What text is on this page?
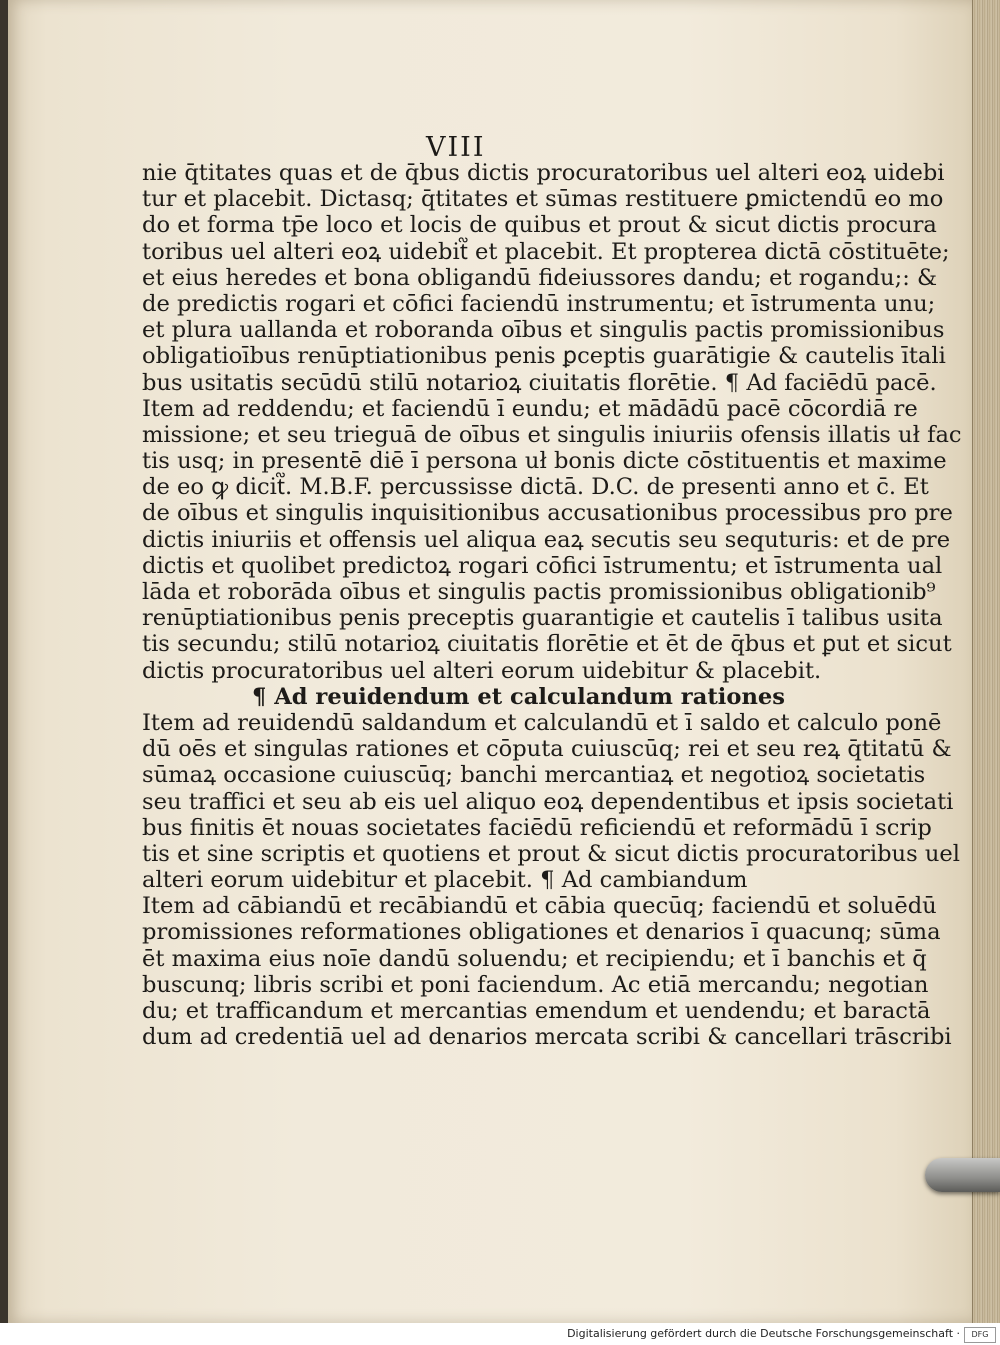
VIII
nie q̄titates quas et de q̄bus dictis procuratoribus uel alteri eoꝝ uidebi
tur et placebit. Dictasq; q̄titates et sūmas restituere ꝑmictendū eo mo
do et forma tp̄e loco et locis de quibus et prout & sicut dictis procura
toribus uel alteri eoꝝ uidebit᷑ et placebit. Et propterea dictā cōstituēte;
et eius heredes et bona obligandū fideiussores dandu; et rogandu;: &
de predictis rogari et cōfici faciendū instrumentu; et īstrumenta unu;
et plura uallanda et roboranda oībus et singulis pactis promissionibus
obligatioībus renūptiationibus penis ꝑceptis guarātigie & cautelis ītali
bus usitatis secūdū stilū notarioꝝ ciuitatis florētie. ¶ Ad faciēdū pacē.
Item ad reddendu; et faciendū ī eundu; et mādādū pacē cōcordiā re
missione; et seu trieguā de oībus et singulis iniuriis ofensis illatis uł fac
tis usq; in presentē diē ī persona uł bonis dicte cōstituentis et maxime
de eo ꝙ dicit᷑. M.B.F. percussisse dictā. D.C. de presenti anno et c̄. Et
de oībus et singulis inquisitionibus accusationibus processibus pro pre
dictis iniuriis et offensis uel aliqua eaꝝ secutis seu sequturis: et de pre
dictis et quolibet predictoꝝ rogari cōfici īstrumentu; et īstrumenta ual
lāda et roborāda oībus et singulis pactis promissionibus obligationib⁹
renūptiationibus penis preceptis guarantigie et cautelis ī talibus usita
tis secundu; stilū notarioꝝ ciuitatis florētie et ēt de q̄bus et ꝑut et sicut
dictis procuratoribus uel alteri eorum uidebitur & placebit.
¶ Ad reuidendum et calculandum rationes
Item ad reuidendū saldandum et calculandū et ī saldo et calculo ponē
dū oēs et singulas rationes et cōputa cuiuscūq; rei et seu reꝝ q̄titatū &
sūmaꝝ occasione cuiuscūq; banchi mercantiaꝝ et negotioꝝ societatis
seu traffici et seu ab eis uel aliquo eoꝝ dependentibus et ipsis societati
bus finitis ēt nouas societates faciēdū reficiendū et reformādū ī scrip
tis et sine scriptis et quotiens et prout & sicut dictis procuratoribus uel
alteri eorum uidebitur et placebit. ¶ Ad cambiandum
Item ad cābiandū et recābiandū et cābia quecūq; faciendū et soluēdū
promissiones reformationes obligationes et denarios ī quacunq; sūma
ēt maxima eius noīe dandū soluendu; et recipiendu; et ī banchis et q̄
buscunq; libris scribi et poni faciendum. Ac etiā mercandu; negotian
du; et trafficandum et mercantias emendum et uendendu; et baractā
dum ad credentiā uel ad denarios mercata scribi & cancellari trāscribi
Digitalisierung gefördert durch die Deutsche Forschungsgemeinschaft ·	DFG
